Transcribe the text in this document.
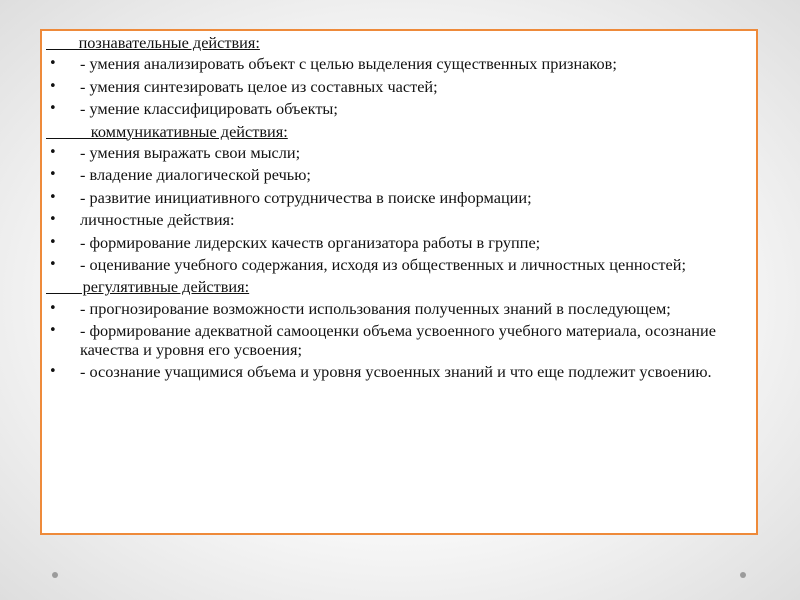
познавательные действия:
• - умения анализировать объект с целью выделения существенных признаков;
• - умения синтезировать целое из составных частей;
• - умение классифицировать объекты;
коммуникативные действия:
• - умения выражать свои мысли;
• - владение диалогической речью;
• - развитие инициативного сотрудничества в поиске информации;
• личностные действия:
• - формирование лидерских качеств организатора работы в группе;
• - оценивание учебного содержания, исходя из общественных и личностных ценностей;
регулятивные действия:
• - прогнозирование возможности использования полученных знаний в последующем;
• - формирование адекватной самооценки объема усвоенного учебного материала, осознание качества и уровня его усвоения;
• - осознание учащимися объема и уровня усвоенных знаний и что еще подлежит усвоению.
